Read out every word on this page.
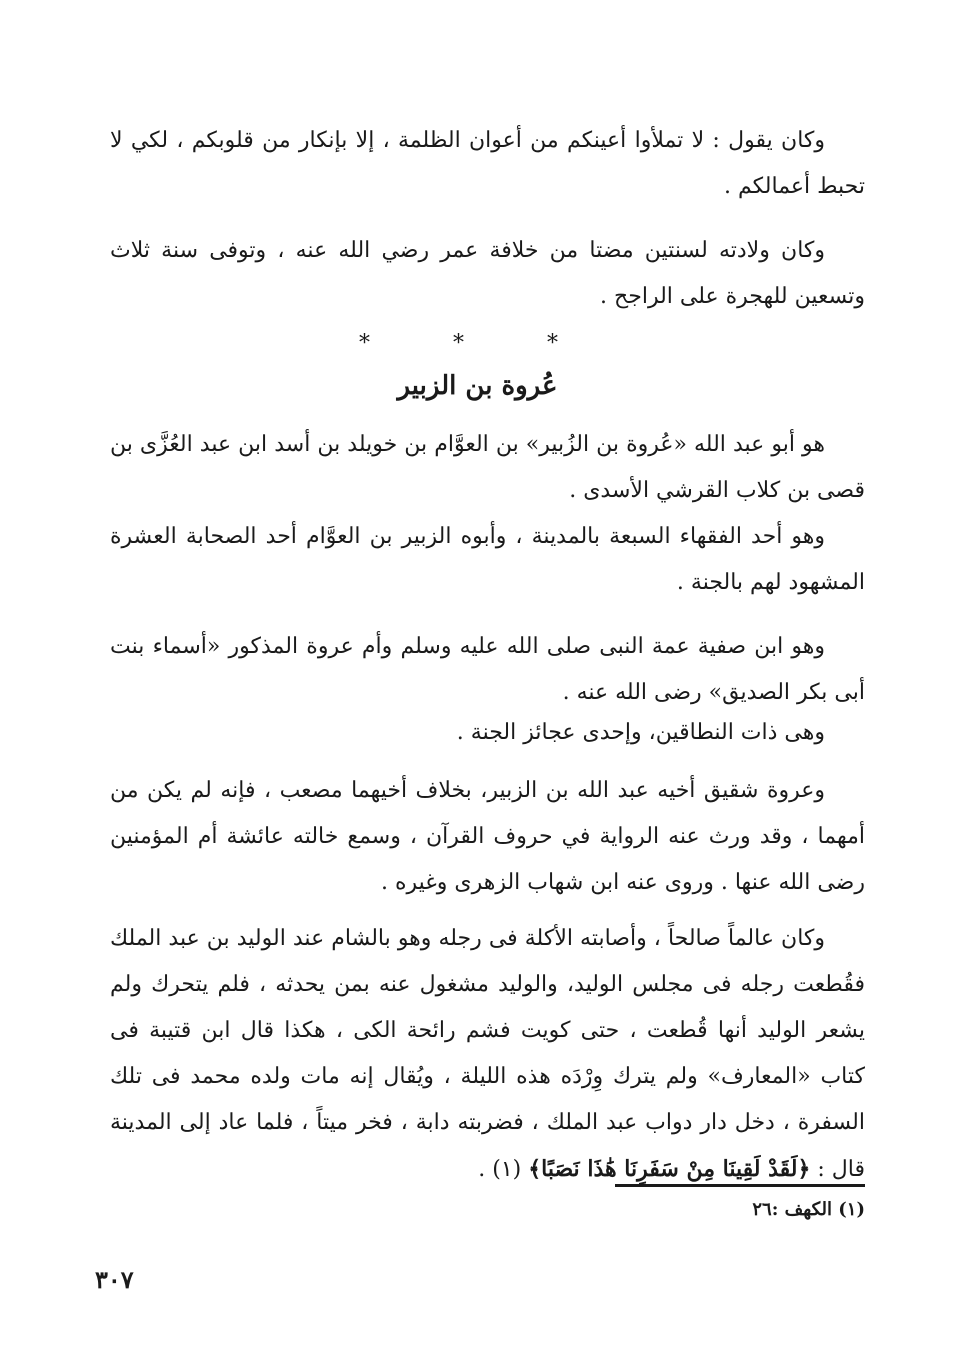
وكان يقول : لا تملأوا أعينكم من أعوان الظلمة ، إلا بإنكار من قلوبكم ، لكي لا تحبط أعمالكم .

وكان ولادته لسنتين مضتا من خلافة عمر رضي الله عنه ، وتوفى سنة ثلاث وتسعين للهجرة على الراجح .

* * *
عُروة بن الزبير

هو أبو عبد الله «عُروة بن الزُبير» بن العوَّام بن خويلد بن أسد ابن عبد العُزَّى بن قصى بن كلاب القرشي الأسدى .

وهو أحد الفقهاء السبعة بالمدينة ، وأبوه الزبير بن العوَّام أحد الصحابة العشرة المشهود لهم بالجنة .

وهو ابن صفية عمة النبى صلى الله عليه وسلم وأم عروة المذكور «أسماء بنت أبى بكر الصديق» رضى الله عنه .

وهى ذات النطاقين، وإحدى عجائز الجنة .

وعروة شقيق أخيه عبد الله بن الزبير، بخلاف أخيهما مصعب ، فإنه لم يكن من أمهما ، وقد ورث عنه الرواية في حروف القرآن ، وسمع خالته عائشة أم المؤمنين رضى الله عنها . وروى عنه ابن شهاب الزهرى وغيره .

وكان عالماً صالحاً ، وأصابته الأكلة فى رجله وهو بالشام عند الوليد بن عبد الملك فقُطعت رجله فى مجلس الوليد، والوليد مشغول عنه بمن يحدثه ، فلم يتحرك ولم يشعر الوليد أنها قُطعت ، حتى كويت فشم رائحة الكى ، هكذا قال ابن قتيبة فى كتاب «المعارف» ولم يترك وِرْدَه هذه الليلة ، ويُقال إنه مات ولده محمد فى تلك السفرة ، دخل دار دواب عبد الملك ، فضربته دابة ، فخر ميتاً ، فلما عاد إلى المدينة قال : ﴿لَقَدْ لَقِينَا مِنْ سَفَرِنَا هَٰذَا نَصَبًا﴾ (١) .

(١) الكهف :٢٦
٣٠٧
